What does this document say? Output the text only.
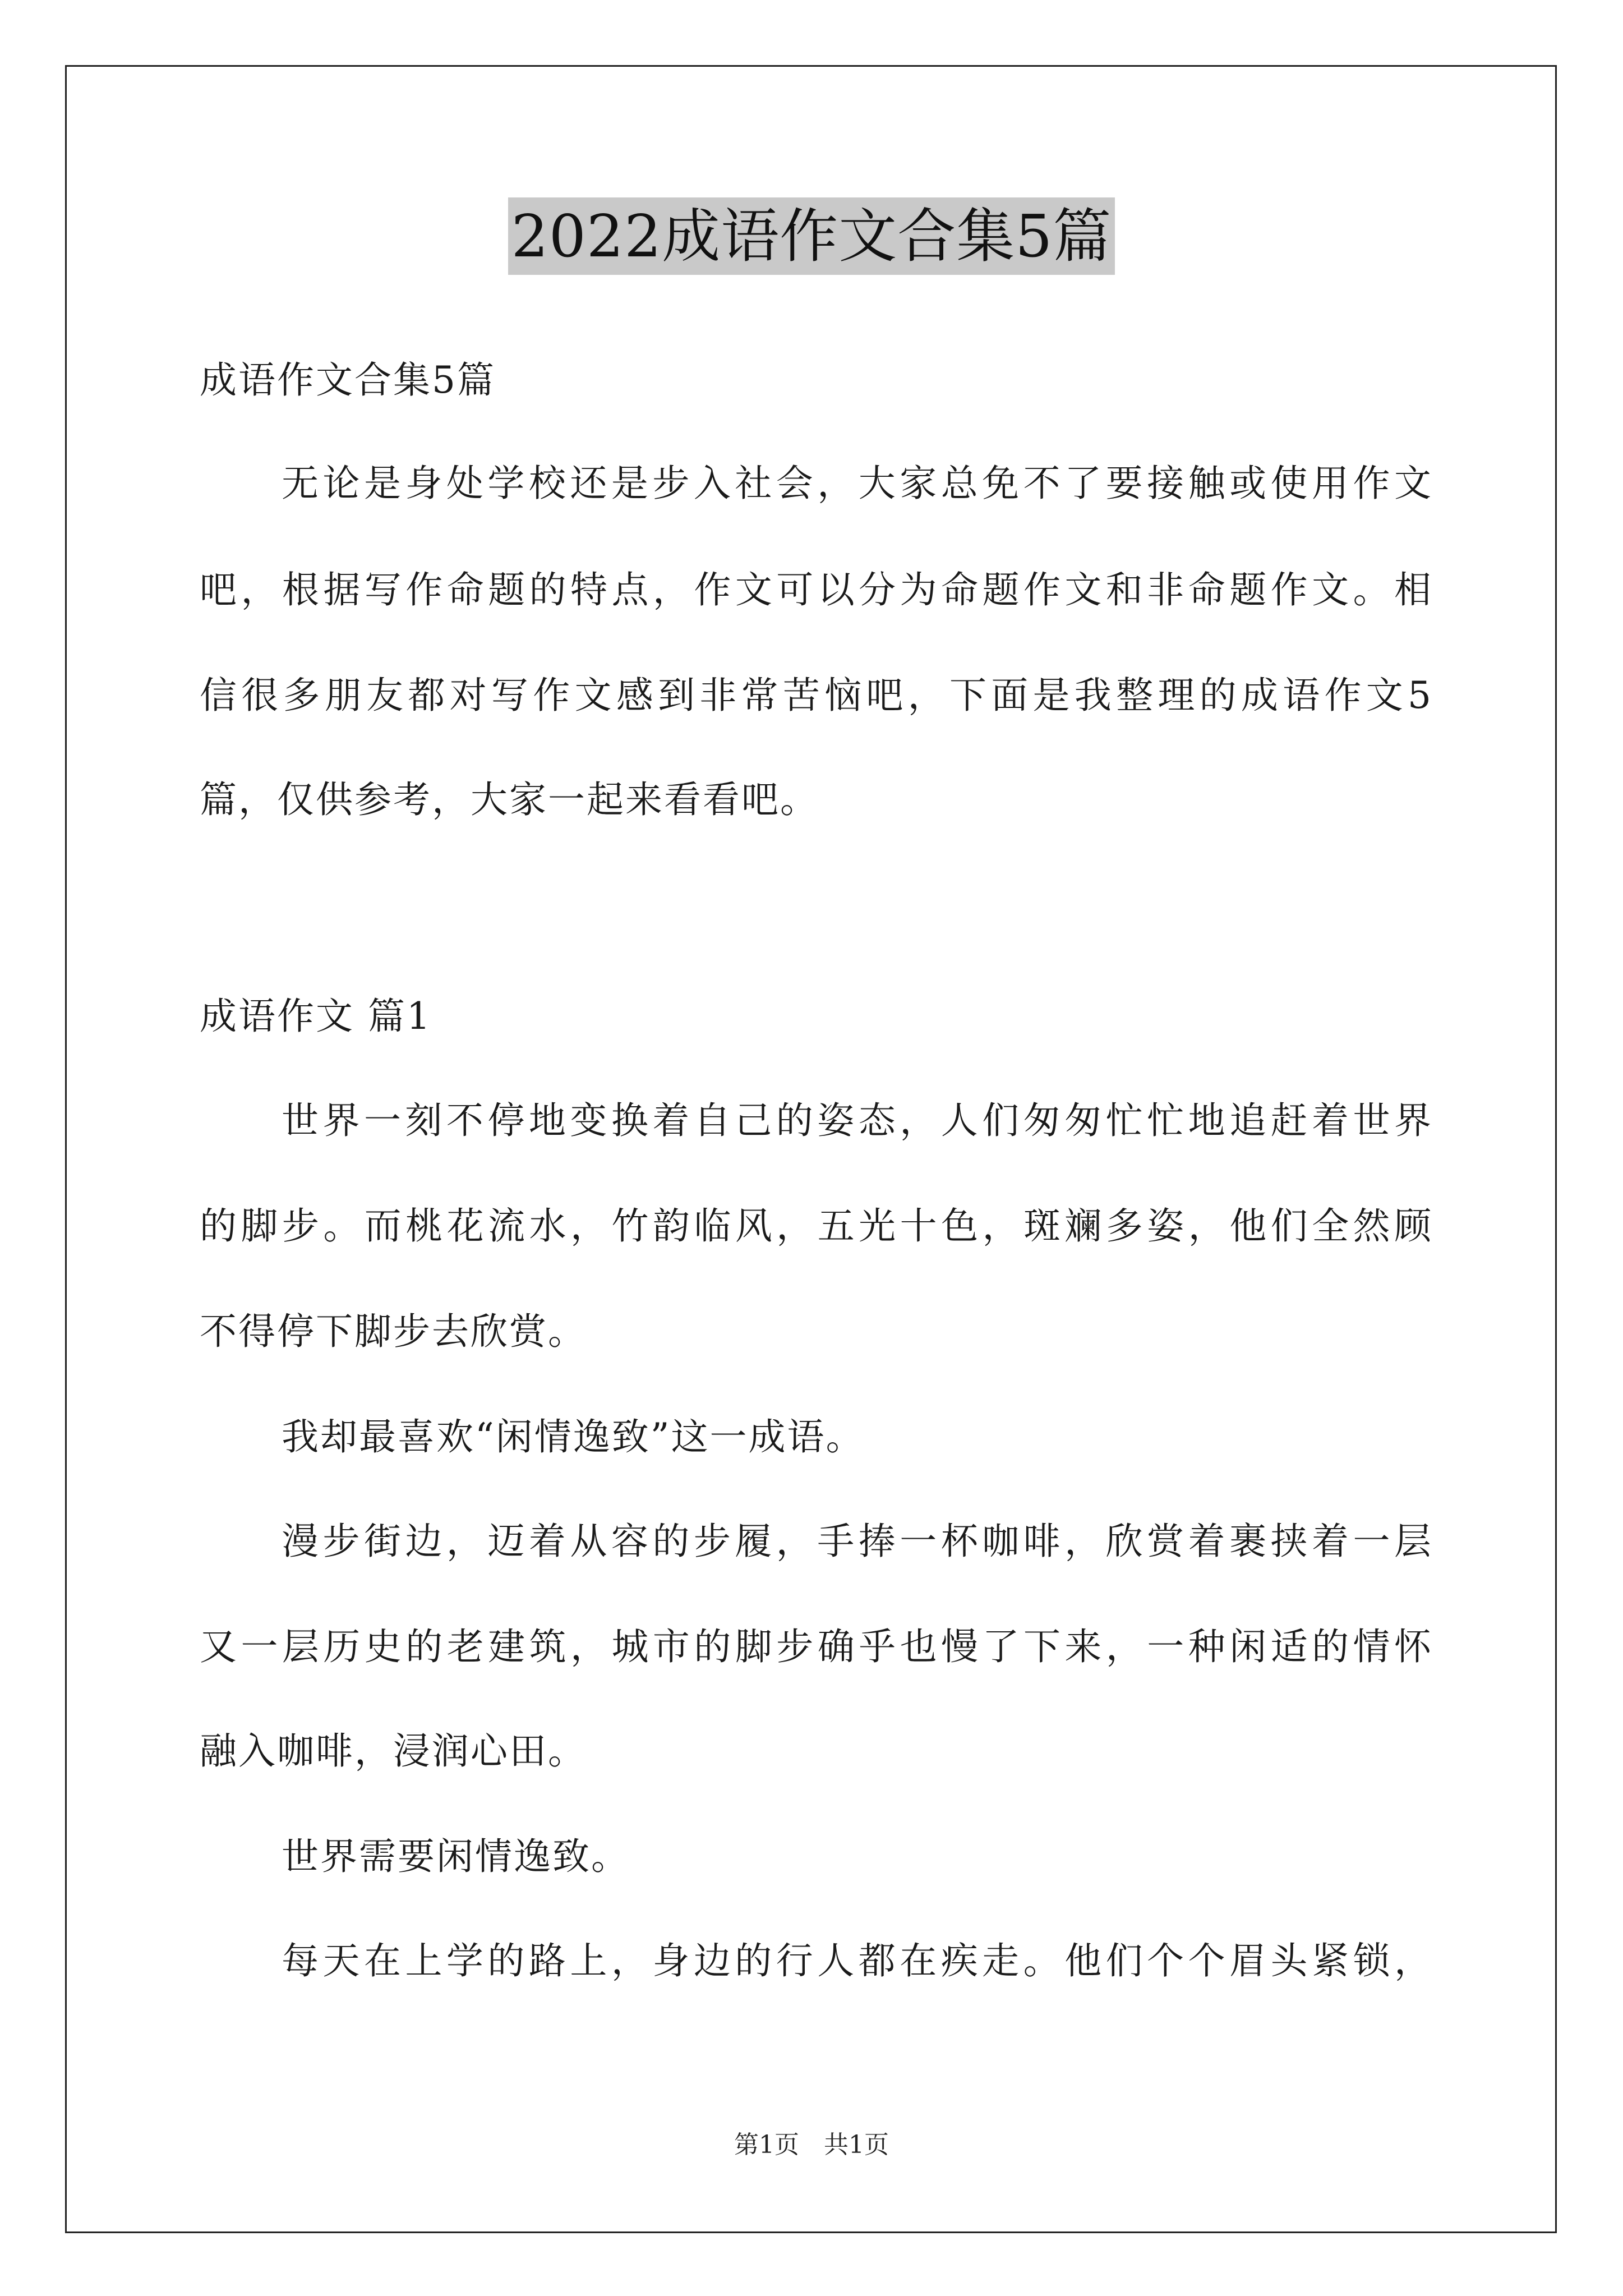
2022成语作文合集5篇
成语作文合集5篇
无论是身处学校还是步入社会，大家总免不了要接触或使用作文
吧，根据写作命题的特点，作文可以分为命题作文和非命题作文。相
信很多朋友都对写作文感到非常苦恼吧，下面是我整理的成语作文5
篇，仅供参考，大家一起来看看吧。
成语作文 篇1
世界一刻不停地变换着自己的姿态，人们匆匆忙忙地追赶着世界
的脚步。而桃花流水，竹韵临风，五光十色，斑斓多姿，他们全然顾
不得停下脚步去欣赏。
我却最喜欢“闲情逸致”这一成语。
漫步街边，迈着从容的步履，手捧一杯咖啡，欣赏着裹挟着一层
又一层历史的老建筑，城市的脚步确乎也慢了下来，一种闲适的情怀
融入咖啡，浸润心田。
世界需要闲情逸致。
每天在上学的路上，身边的行人都在疾走。他们个个眉头紧锁，
第1页 共1页
